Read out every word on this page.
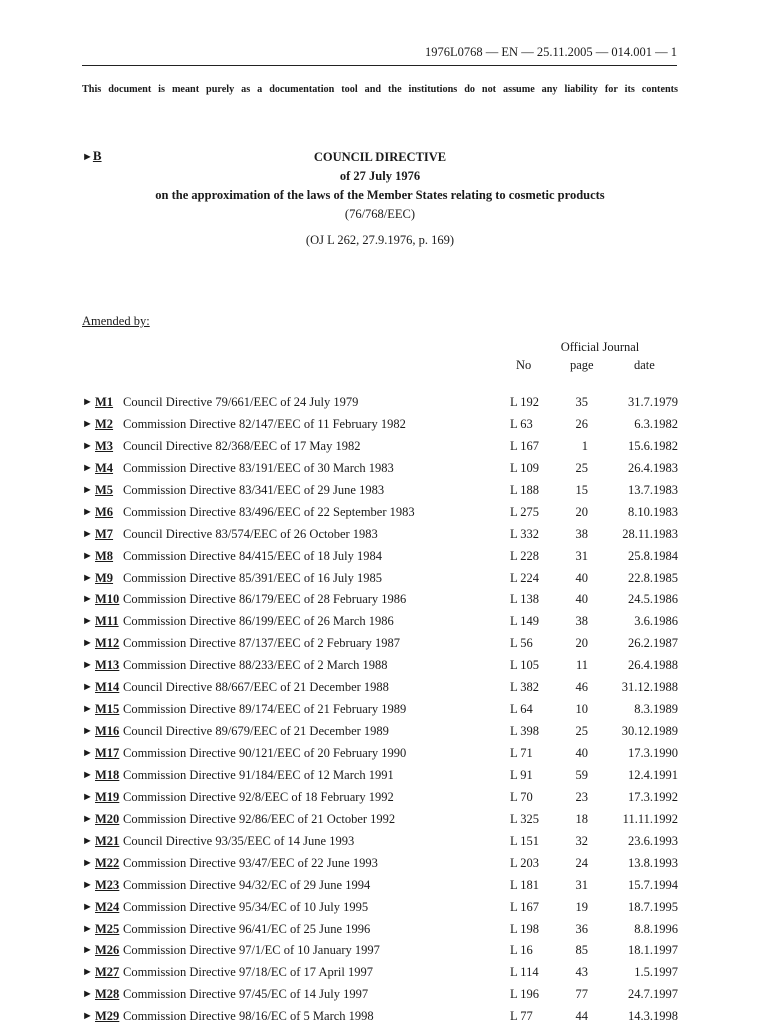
1976L0768 — EN — 25.11.2005 — 014.001 — 1
This document is meant purely as a documentation tool and the institutions do not assume any liability for its contents
►B	COUNCIL DIRECTIVE
of 27 July 1976
on the approximation of the laws of the Member States relating to cosmetic products
(76/768/EEC)
(OJ L 262, 27.9.1976, p. 169)
Amended by:
Official Journal
No	page	date
► M1 Council Directive 79/661/EEC of 24 July 1979	L 192	35	31.7.1979
► M2 Commission Directive 82/147/EEC of 11 February 1982	L 63	26	6.3.1982
► M3 Council Directive 82/368/EEC of 17 May 1982	L 167	1	15.6.1982
► M4 Commission Directive 83/191/EEC of 30 March 1983	L 109	25	26.4.1983
► M5 Commission Directive 83/341/EEC of 29 June 1983	L 188	15	13.7.1983
► M6 Commission Directive 83/496/EEC of 22 September 1983	L 275	20	8.10.1983
► M7 Council Directive 83/574/EEC of 26 October 1983	L 332	38	28.11.1983
► M8 Commission Directive 84/415/EEC of 18 July 1984	L 228	31	25.8.1984
► M9 Commission Directive 85/391/EEC of 16 July 1985	L 224	40	22.8.1985
► M10 Commission Directive 86/179/EEC of 28 February 1986	L 138	40	24.5.1986
► M11 Commission Directive 86/199/EEC of 26 March 1986	L 149	38	3.6.1986
► M12 Commission Directive 87/137/EEC of 2 February 1987	L 56	20	26.2.1987
► M13 Commission Directive 88/233/EEC of 2 March 1988	L 105	11	26.4.1988
► M14 Council Directive 88/667/EEC of 21 December 1988	L 382	46	31.12.1988
► M15 Commission Directive 89/174/EEC of 21 February 1989	L 64	10	8.3.1989
► M16 Council Directive 89/679/EEC of 21 December 1989	L 398	25	30.12.1989
► M17 Commission Directive 90/121/EEC of 20 February 1990	L 71	40	17.3.1990
► M18 Commission Directive 91/184/EEC of 12 March 1991	L 91	59	12.4.1991
► M19 Commission Directive 92/8/EEC of 18 February 1992	L 70	23	17.3.1992
► M20 Commission Directive 92/86/EEC of 21 October 1992	L 325	18	11.11.1992
► M21 Council Directive 93/35/EEC of 14 June 1993	L 151	32	23.6.1993
► M22 Commission Directive 93/47/EEC of 22 June 1993	L 203	24	13.8.1993
► M23 Commission Directive 94/32/EC of 29 June 1994	L 181	31	15.7.1994
► M24 Commission Directive 95/34/EC of 10 July 1995	L 167	19	18.7.1995
► M25 Commission Directive 96/41/EC of 25 June 1996	L 198	36	8.8.1996
► M26 Commission Directive 97/1/EC of 10 January 1997	L 16	85	18.1.1997
► M27 Commission Directive 97/18/EC of 17 April 1997	L 114	43	1.5.1997
► M28 Commission Directive 97/45/EC of 14 July 1997	L 196	77	24.7.1997
► M29 Commission Directive 98/16/EC of 5 March 1998	L 77	44	14.3.1998
